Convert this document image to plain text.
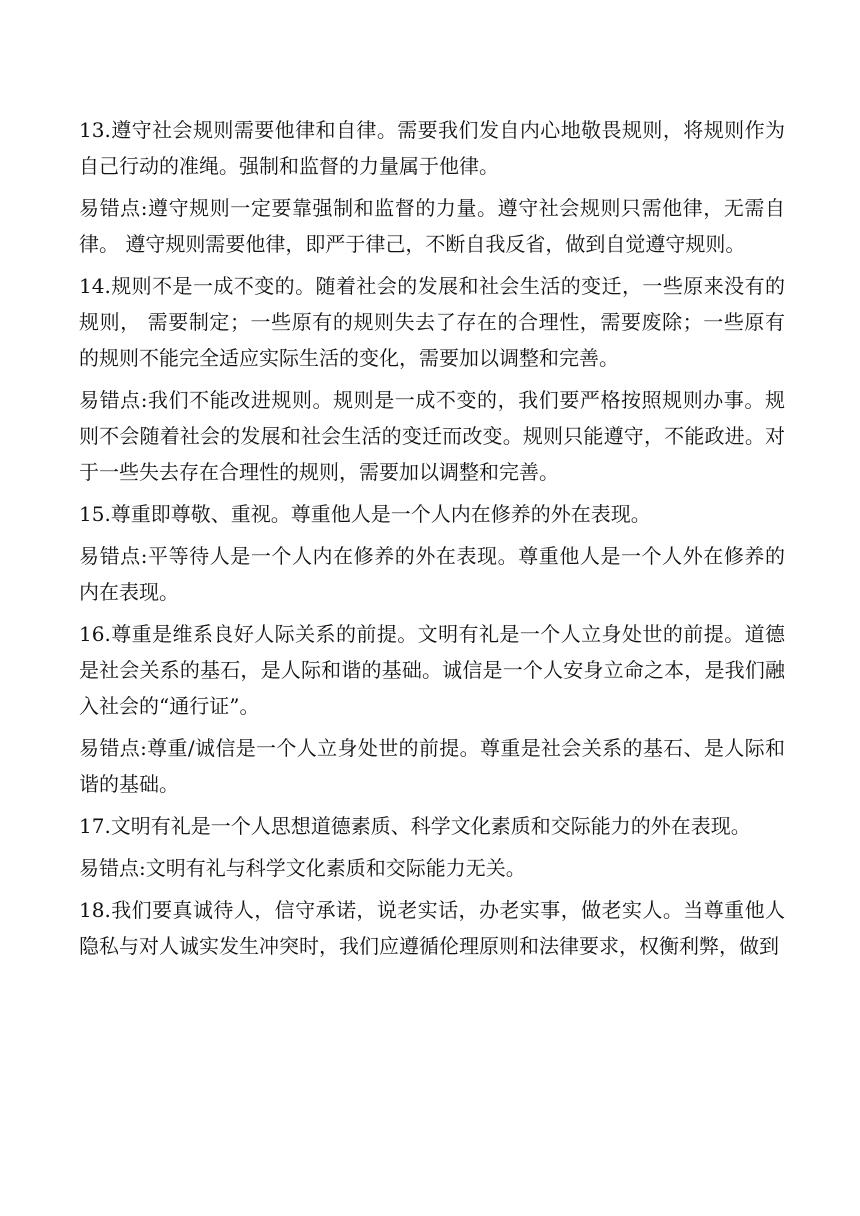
13.遵守社会规则需要他律和自律。需要我们发自内心地敬畏规则，将规则作为自己行动的准绳。强制和监督的力量属于他律。

易错点:遵守规则一定要靠强制和监督的力量。遵守社会规则只需他律，无需自律。 遵守规则需要他律，即严于律己，不断自我反省，做到自觉遵守规则。

14.规则不是一成不变的。随着社会的发展和社会生活的变迁，一些原来没有的规则， 需要制定；一些原有的规则失去了存在的合理性，需要废除；一些原有的规则不能完全适应实际生活的变化，需要加以调整和完善。

易错点:我们不能改进规则。规则是一成不变的，我们要严格按照规则办事。规则不会随着社会的发展和社会生活的变迁而改变。规则只能遵守，不能政进。对于一些失去存在合理性的规则，需要加以调整和完善。

15.尊重即尊敬、重视。尊重他人是一个人内在修养的外在表现。

易错点:平等待人是一个人内在修养的外在表现。尊重他人是一个人外在修养的内在表现。

16.尊重是维系良好人际关系的前提。文明有礼是一个人立身处世的前提。道德是社会关系的基石，是人际和谐的基础。诚信是一个人安身立命之本，是我们融入社会的“通行证”。

易错点:尊重/诚信是一个人立身处世的前提。尊重是社会关系的基石、是人际和谐的基础。

17.文明有礼是一个人思想道德素质、科学文化素质和交际能力的外在表现。

易错点:文明有礼与科学文化素质和交际能力无关。

18.我们要真诚待人，信守承诺，说老实话，办老实事，做老实人。当尊重他人隐私与对人诚实发生冲突时，我们应遵循伦理原则和法律要求，权衡利弊，做到
